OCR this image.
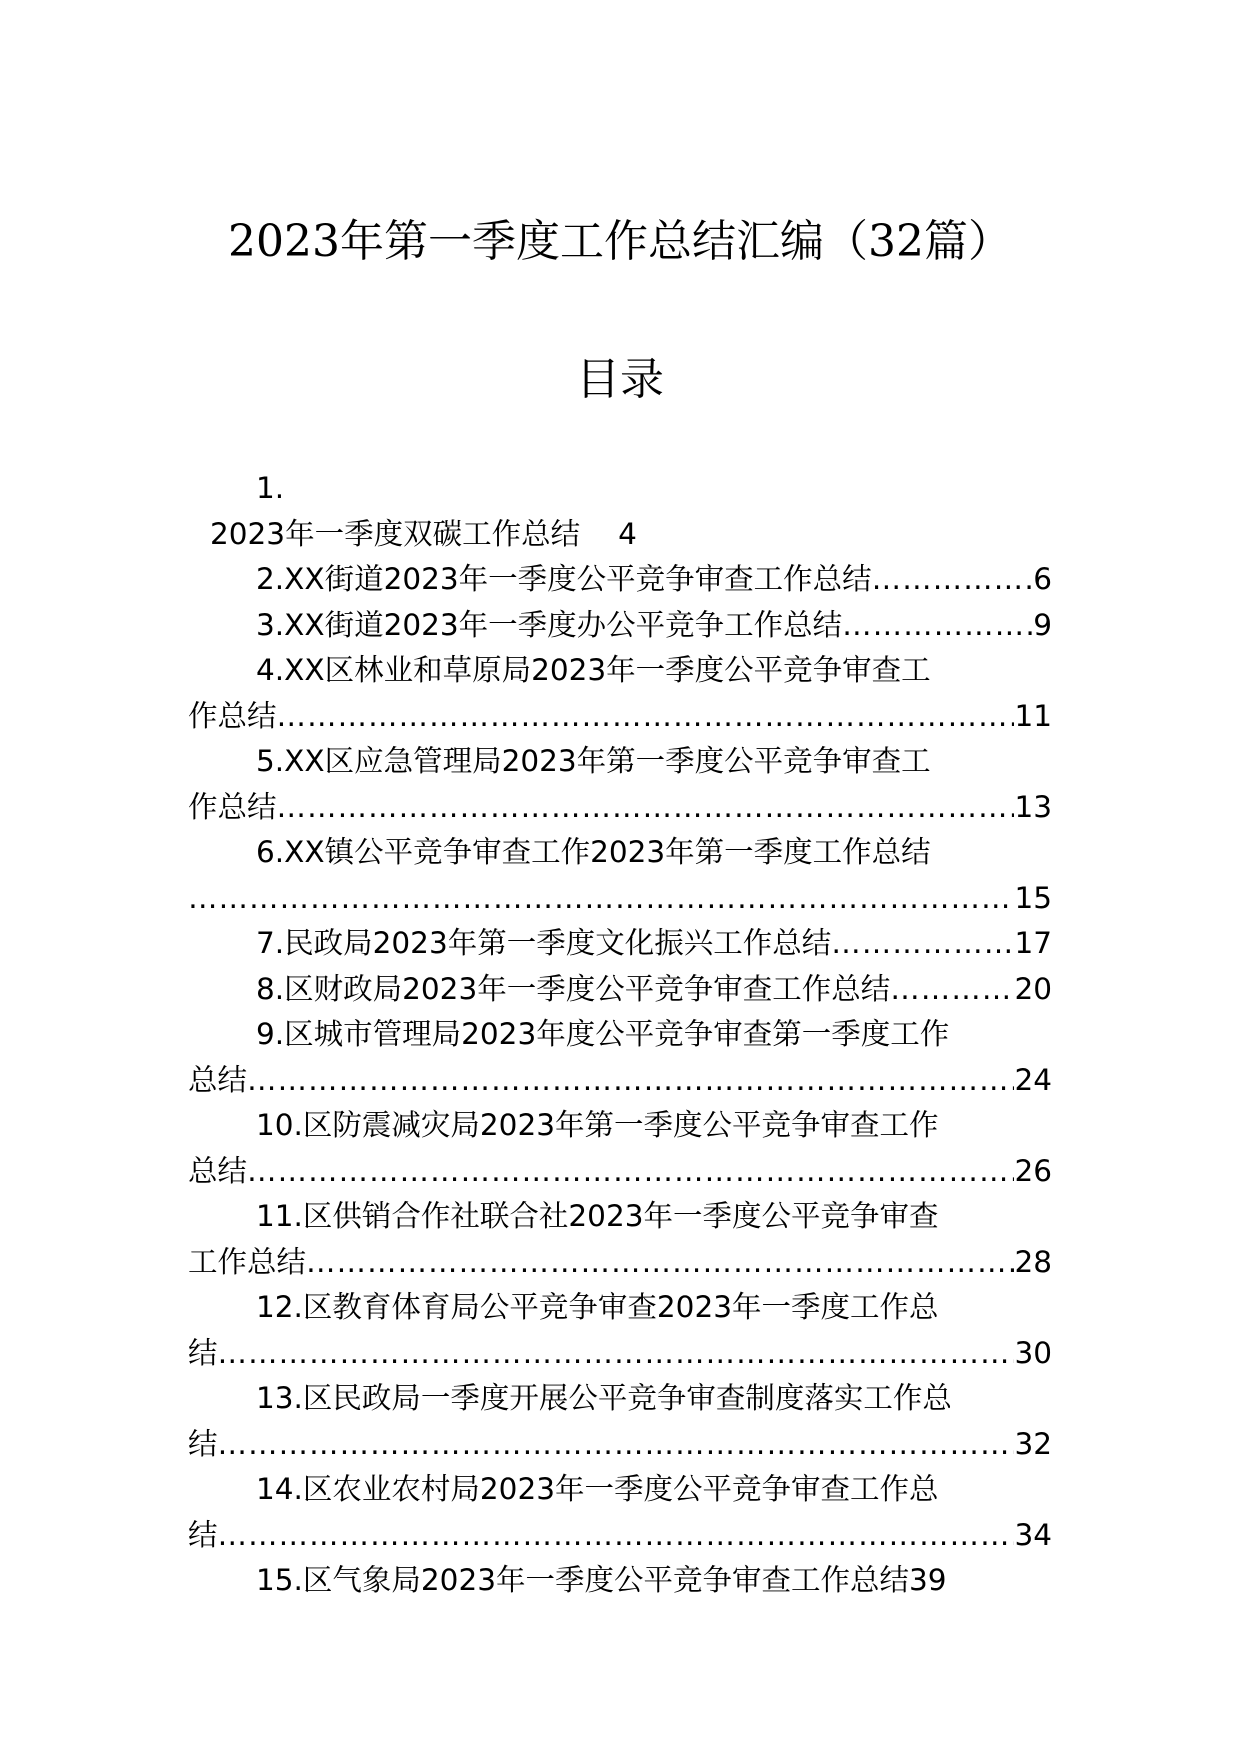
2023年第一季度工作总结汇编（32篇）
目录
1.
2023年一季度双碳工作总结 4
2.XX街道2023年一季度公平竞争审查工作总结 ………………………………………………………………………………………………………………………………………………	6
3.XX街道2023年一季度办公平竞争工作总结 ………………………………………………………………………………………………………………………………………………	9
4.XX区林业和草原局2023年一季度公平竞争审查工
作总结 ………………………………………………………………………………………………………………………………………………	11
5.XX区应急管理局2023年第一季度公平竞争审查工
作总结 ………………………………………………………………………………………………………………………………………………	13
6.XX镇公平竞争审查工作2023年第一季度工作总结
………………………………………………………………………………………………………………………………………………
15
7.民政局2023年第一季度文化振兴工作总结 ………………………………………………………………………………………………………………………………………………	17
8.区财政局2023年一季度公平竞争审查工作总结 ………………………………………………………………………………………………………………………………………………	20
9.区城市管理局2023年度公平竞争审查第一季度工作
总结 ………………………………………………………………………………………………………………………………………………	24
10.区防震减灾局2023年第一季度公平竞争审查工作
总结 ………………………………………………………………………………………………………………………………………………	26
11.区供销合作社联合社2023年一季度公平竞争审查
工作总结 ………………………………………………………………………………………………………………………………………………	28
12.区教育体育局公平竞争审查2023年一季度工作总
结 ………………………………………………………………………………………………………………………………………………	30
13.区民政局一季度开展公平竞争审查制度落实工作总
结 ………………………………………………………………………………………………………………………………………………	32
14.区农业农村局2023年一季度公平竞争审查工作总
结 ………………………………………………………………………………………………………………………………………………	34
15.区气象局2023年一季度公平竞争审查工作总结 39
